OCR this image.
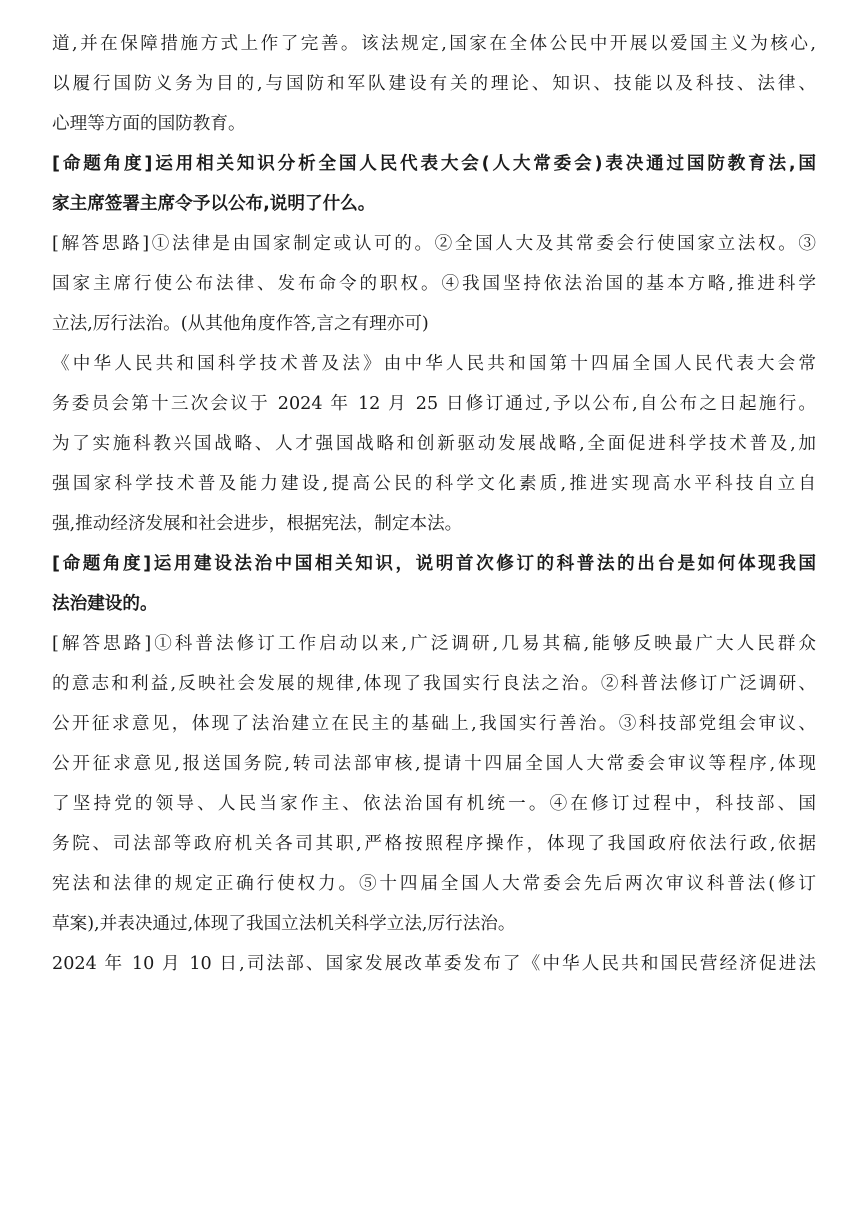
道,并在保障措施方式上作了完善。该法规定,国家在全体公民中开展以爱国主义为核心,
以履行国防义务为目的,与国防和军队建设有关的理论、知识、技能以及科技、法律、
心理等方面的国防教育。
[命题角度]运用相关知识分析全国人民代表大会(人大常委会)表决通过国防教育法,国
家主席签署主席令予以公布,说明了什么。
[解答思路]①法律是由国家制定或认可的。②全国人大及其常委会行使国家立法权。③
国家主席行使公布法律、发布命令的职权。④我国坚持依法治国的基本方略,推进科学
立法,厉行法治。(从其他角度作答,言之有理亦可)
《中华人民共和国科学技术普及法》由中华人民共和国第十四届全国人民代表大会常
务委员会第十三次会议于 2024 年 12 月 25 日修订通过,予以公布,自公布之日起施行。
为了实施科教兴国战略、人才强国战略和创新驱动发展战略,全面促进科学技术普及,加
强国家科学技术普及能力建设,提高公民的科学文化素质,推进实现高水平科技自立自
强,推动经济发展和社会进步，根据宪法，制定本法。
[命题角度]运用建设法治中国相关知识，说明首次修订的科普法的出台是如何体现我国
法治建设的。
[解答思路]①科普法修订工作启动以来,广泛调研,几易其稿,能够反映最广大人民群众
的意志和利益,反映社会发展的规律,体现了我国实行良法之治。②科普法修订广泛调研、
公开征求意见，体现了法治建立在民主的基础上,我国实行善治。③科技部党组会审议、
公开征求意见,报送国务院,转司法部审核,提请十四届全国人大常委会审议等程序,体现
了坚持党的领导、人民当家作主、依法治国有机统一。④在修订过程中，科技部、国
务院、司法部等政府机关各司其职,严格按照程序操作，体现了我国政府依法行政,依据
宪法和法律的规定正确行使权力。⑤十四届全国人大常委会先后两次审议科普法(修订
草案),并表决通过,体现了我国立法机关科学立法,厉行法治。
2024 年 10 月 10 日,司法部、国家发展改革委发布了《中华人民共和国民营经济促进法
